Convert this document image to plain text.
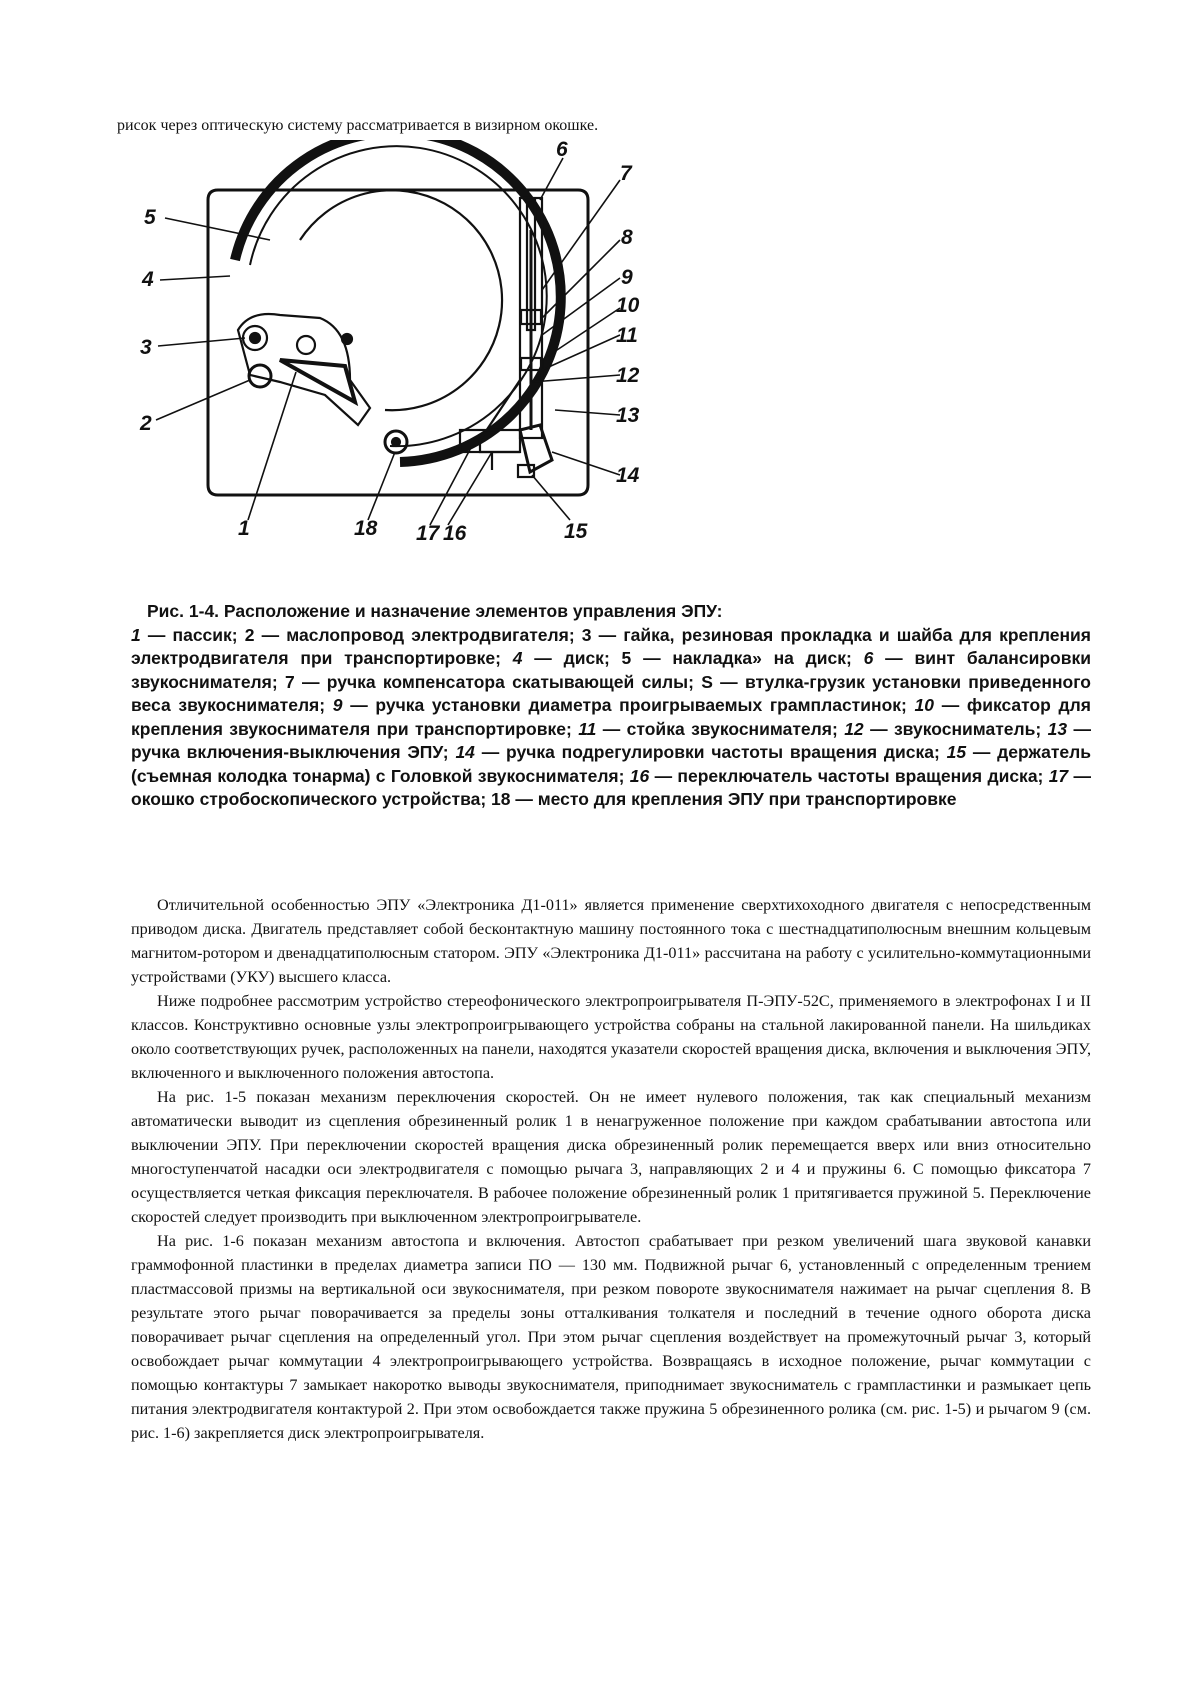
рисок через оптическую систему рассматривается в визирном окошке.
5
4
3
2
1	18 17 16	15
6
7
8
9
10
11
12
13
14
Рис. 1-4. Расположение и назначение элементов управления ЭПУ:
1 — пассик; 2 — маслопровод электродвигателя; 3 — гайка, резиновая прокладка и шайба для крепления электродвигателя при транспортировке; 4 — диск; 5 — накладка» на диск; 6 — винт балансировки звукоснимателя; 7 — ручка компенсатора скатывающей силы; S — втулка-грузик установки приведенного веса звукоснимателя; 9 — ручка установки диаметра проигрываемых грампластинок; 10 — фиксатор для крепления звукоснимателя при транспортировке; 11 — стойка звукоснимателя; 12 — звукосниматель; 13 — ручка включения-выключения ЭПУ; 14 — ручка подрегулировки частоты вращения диска; 15 — держатель (съемная колодка тонарма) с Головкой звукоснимателя; 16 — переключатель частоты вращения диска; 17 — окошко стробоскопического устройства; 18 — место для крепления ЭПУ при транспортировке

Отличительной особенностью ЭПУ «Электроника Д1-011» является применение сверхтихоходного двигателя с непосредственным приводом диска. Двигатель представляет собой бесконтактную машину постоянного тока с шестнадцатиполюсным внешним кольцевым магнитом-ротором и двенадцатиполюсным статором. ЭПУ «Электроника Д1-011» рассчитана на работу с усилительно-коммутационными устройствами (УКУ) высшего класса.

Ниже подробнее рассмотрим устройство стереофонического электропроигрывателя П-ЭПУ-52С, применяемого в электрофонах I и II классов. Конструктивно основные узлы электропроигрывающего устройства собраны на стальной лакированной панели. На шильдиках около соответствующих ручек, расположенных на панели, находятся указатели скоростей вращения диска, включения и выключения ЭПУ, включенного и выключенного положения автостопа.

На рис. 1-5 показан механизм переключения скоростей. Он не имеет нулевого положения, так как специальный механизм автоматически выводит из сцепления обрезиненный ролик 1 в ненагруженное положение при каждом срабатывании автостопа или выключении ЭПУ. При переключении скоростей вращения диска обрезиненный ролик перемещается вверх или вниз относительно многоступенчатой насадки оси электродвигателя с помощью рычага 3, направляющих 2 и 4 и пружины 6. С помощью фиксатора 7 осуществляется четкая фиксация переключателя. В рабочее положение обрезиненный ролик 1 притягивается пружиной 5. Переключение скоростей следует производить при выключенном электропроигрывателе.

На рис. 1-6 показан механизм автостопа и включения. Автостоп срабатывает при резком увеличений шага звуковой канавки граммофонной пластинки в пределах диаметра записи ПО — 130 мм. Подвижной рычаг 6, установленный с определенным трением пластмассовой призмы на вертикальной оси звукоснимателя, при резком повороте звукоснимателя нажимает на рычаг сцепления 8. В результате этого рычаг поворачивается за пределы зоны отталкивания толкателя и последний в течение одного оборота диска поворачивает рычаг сцепления на определенный угол. При этом рычаг сцепления воздействует на промежуточный рычаг 3, который освобождает рычаг коммутации 4 электропроигрывающего устройства. Возвращаясь в исходное положение, рычаг коммутации с помощью контактуры 7 замыкает накоротко выводы звукоснимателя, приподнимает звукосниматель с грампластинки и размыкает цепь питания электродвигателя контактурой 2. При этом освобождается также пружина 5 обрезиненного ролика (см. рис. 1-5) и рычагом 9 (см. рис. 1-6) закрепляется диск электропроигрывателя.
